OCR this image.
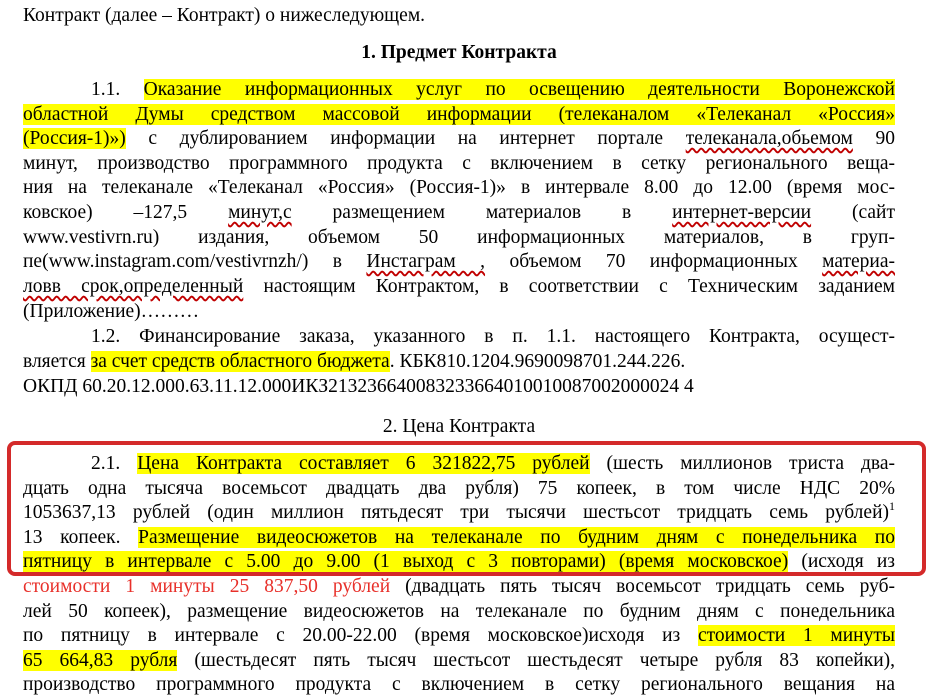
Контракт (далее – Контракт) о нижеследующем.
1. Предмет Контракта
1.1. Оказание информационных услуг по освещению деятельности Воронежской
областной Думы средством массовой информации (телеканалом «Телеканал «Россия»
(Россия-1)») с дублированием информации на интернет портале телеканала,обьемом 90
минут, производство программного продукта с включением в сетку регионального веща-
ния на телеканале «Телеканал «Россия» (Россия-1)» в интервале 8.00 до 12.00 (время мос-
ковское) –127,5 минут,с размещением материалов в интернет-версии (сайт
www.vestivrn.ru) издания, объемом 50 информационных материалов, в груп-
пе(www.instagram.com/vestivrnzh/) в Инстаграм , объемом 70 информационных материа-
ловв срок,определенный настоящим Контрактом, в соответствии с Техническим заданием
(Приложение)………
1.2. Финансирование заказа, указанного в п. 1.1. настоящего Контракта, осущест-
вляется за счет средств областного бюджета. КБК810.1204.9690098701.244.226.
ОКПД 60.20.12.000.63.11.12.000ИКЗ213236640083233664010010087002000024 4
2. Цена Контракта
2.1. Цена Контракта составляет 6 321822,75 рублей (шесть миллионов триста два-
дцать одна тысяча восемьсот двадцать два рубля) 75 копеек, в том числе НДС 20%
1053637,13 рублей (один миллион пятьдесят три тысячи шестьсот тридцать семь рублей)$^1$
13 копеек. Размещение видеосюжетов на телеканале по будним дням с понедельника по
пятницу в интервале с 5.00 до 9.00 (1 выход с 3 повторами) (время московское) (исходя из
стоимости 1 минуты 25 837,50 рублей (двадцать пять тысяч восемьсот тридцать семь руб-
лей 50 копеек), размещение видеосюжетов на телеканале по будним дням с понедельника
по пятницу в интервале с 20.00-22.00 (время московское)исходя из стоимости 1 минуты
65 664,83 рубля (шестьдесят пять тысяч шестьсот шестьдесят четыре рубля 83 копейки),
производство программного продукта с включением в сетку регионального вещания на
